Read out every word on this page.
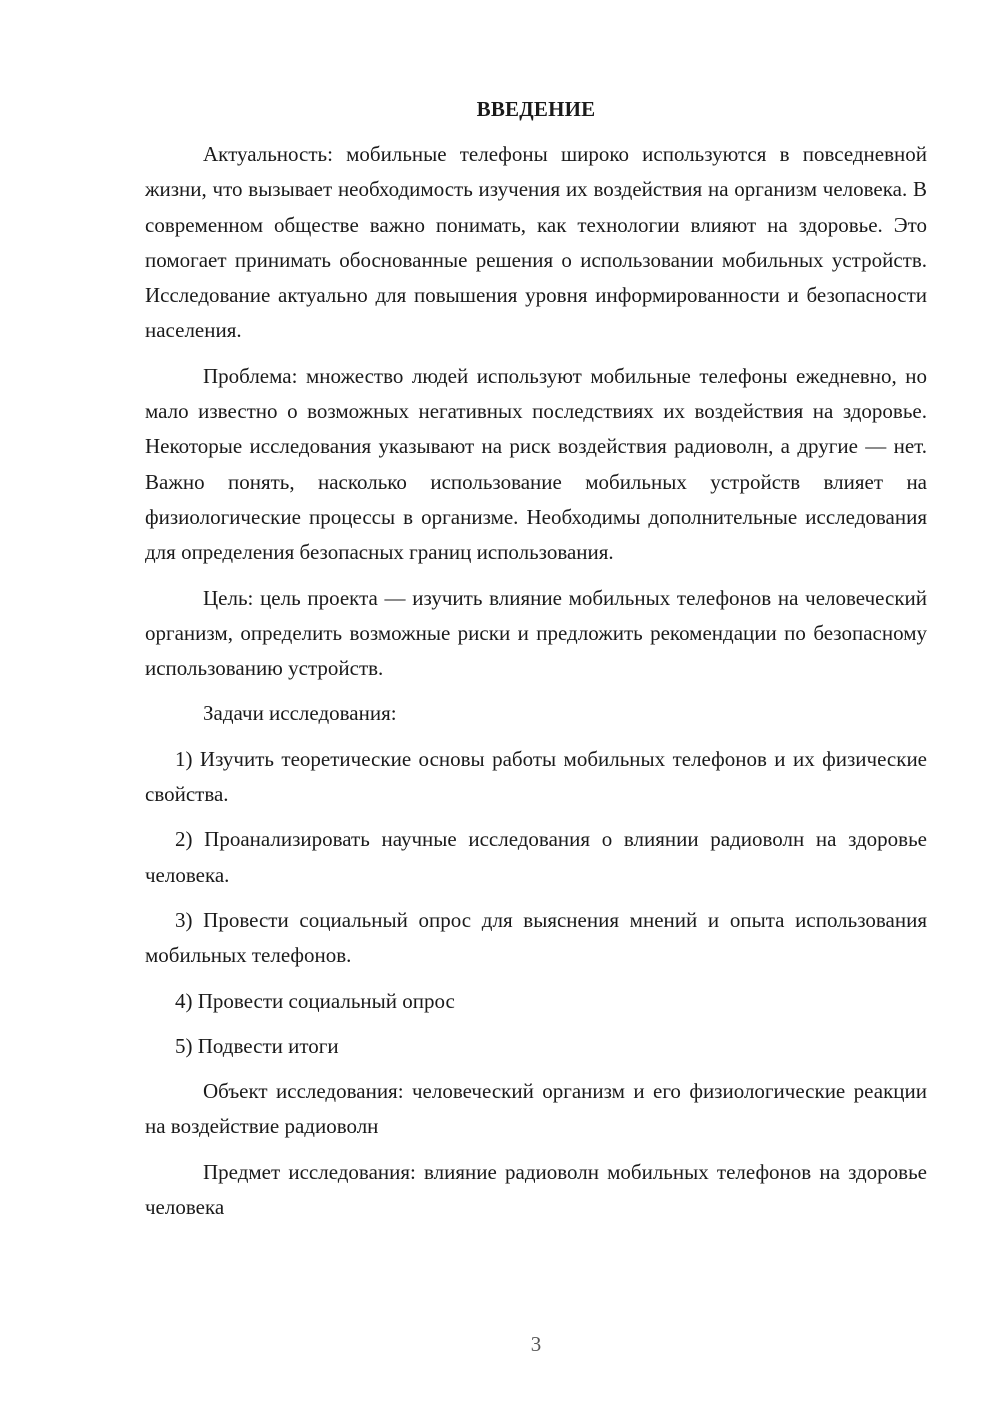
ВВЕДЕНИЕ

Актуальность: мобильные телефоны широко используются в повседневной жизни, что вызывает необходимость изучения их воздействия на организм человека. В современном обществе важно понимать, как технологии влияют на здоровье. Это помогает принимать обоснованные решения о использовании мобильных устройств. Исследование актуально для повышения уровня информированности и безопасности населения.

Проблема: множество людей используют мобильные телефоны ежедневно, но мало известно о возможных негативных последствиях их воздействия на здоровье. Некоторые исследования указывают на риск воздействия радиоволн, а другие — нет. Важно понять, насколько использование мобильных устройств влияет на физиологические процессы в организме. Необходимы дополнительные исследования для определения безопасных границ использования.

Цель: цель проекта — изучить влияние мобильных телефонов на человеческий организм, определить возможные риски и предложить рекомендации по безопасному использованию устройств.

Задачи исследования:

1) Изучить теоретические основы работы мобильных телефонов и их физические свойства.

2) Проанализировать научные исследования о влиянии радиоволн на здоровье человека.

3) Провести социальный опрос для выяснения мнений и опыта использования мобильных телефонов.

4) Провести социальный опрос

5) Подвести итоги

Объект исследования: человеческий организм и его физиологические реакции на воздействие радиоволн

Предмет исследования: влияние радиоволн мобильных телефонов на здоровье человека

3
